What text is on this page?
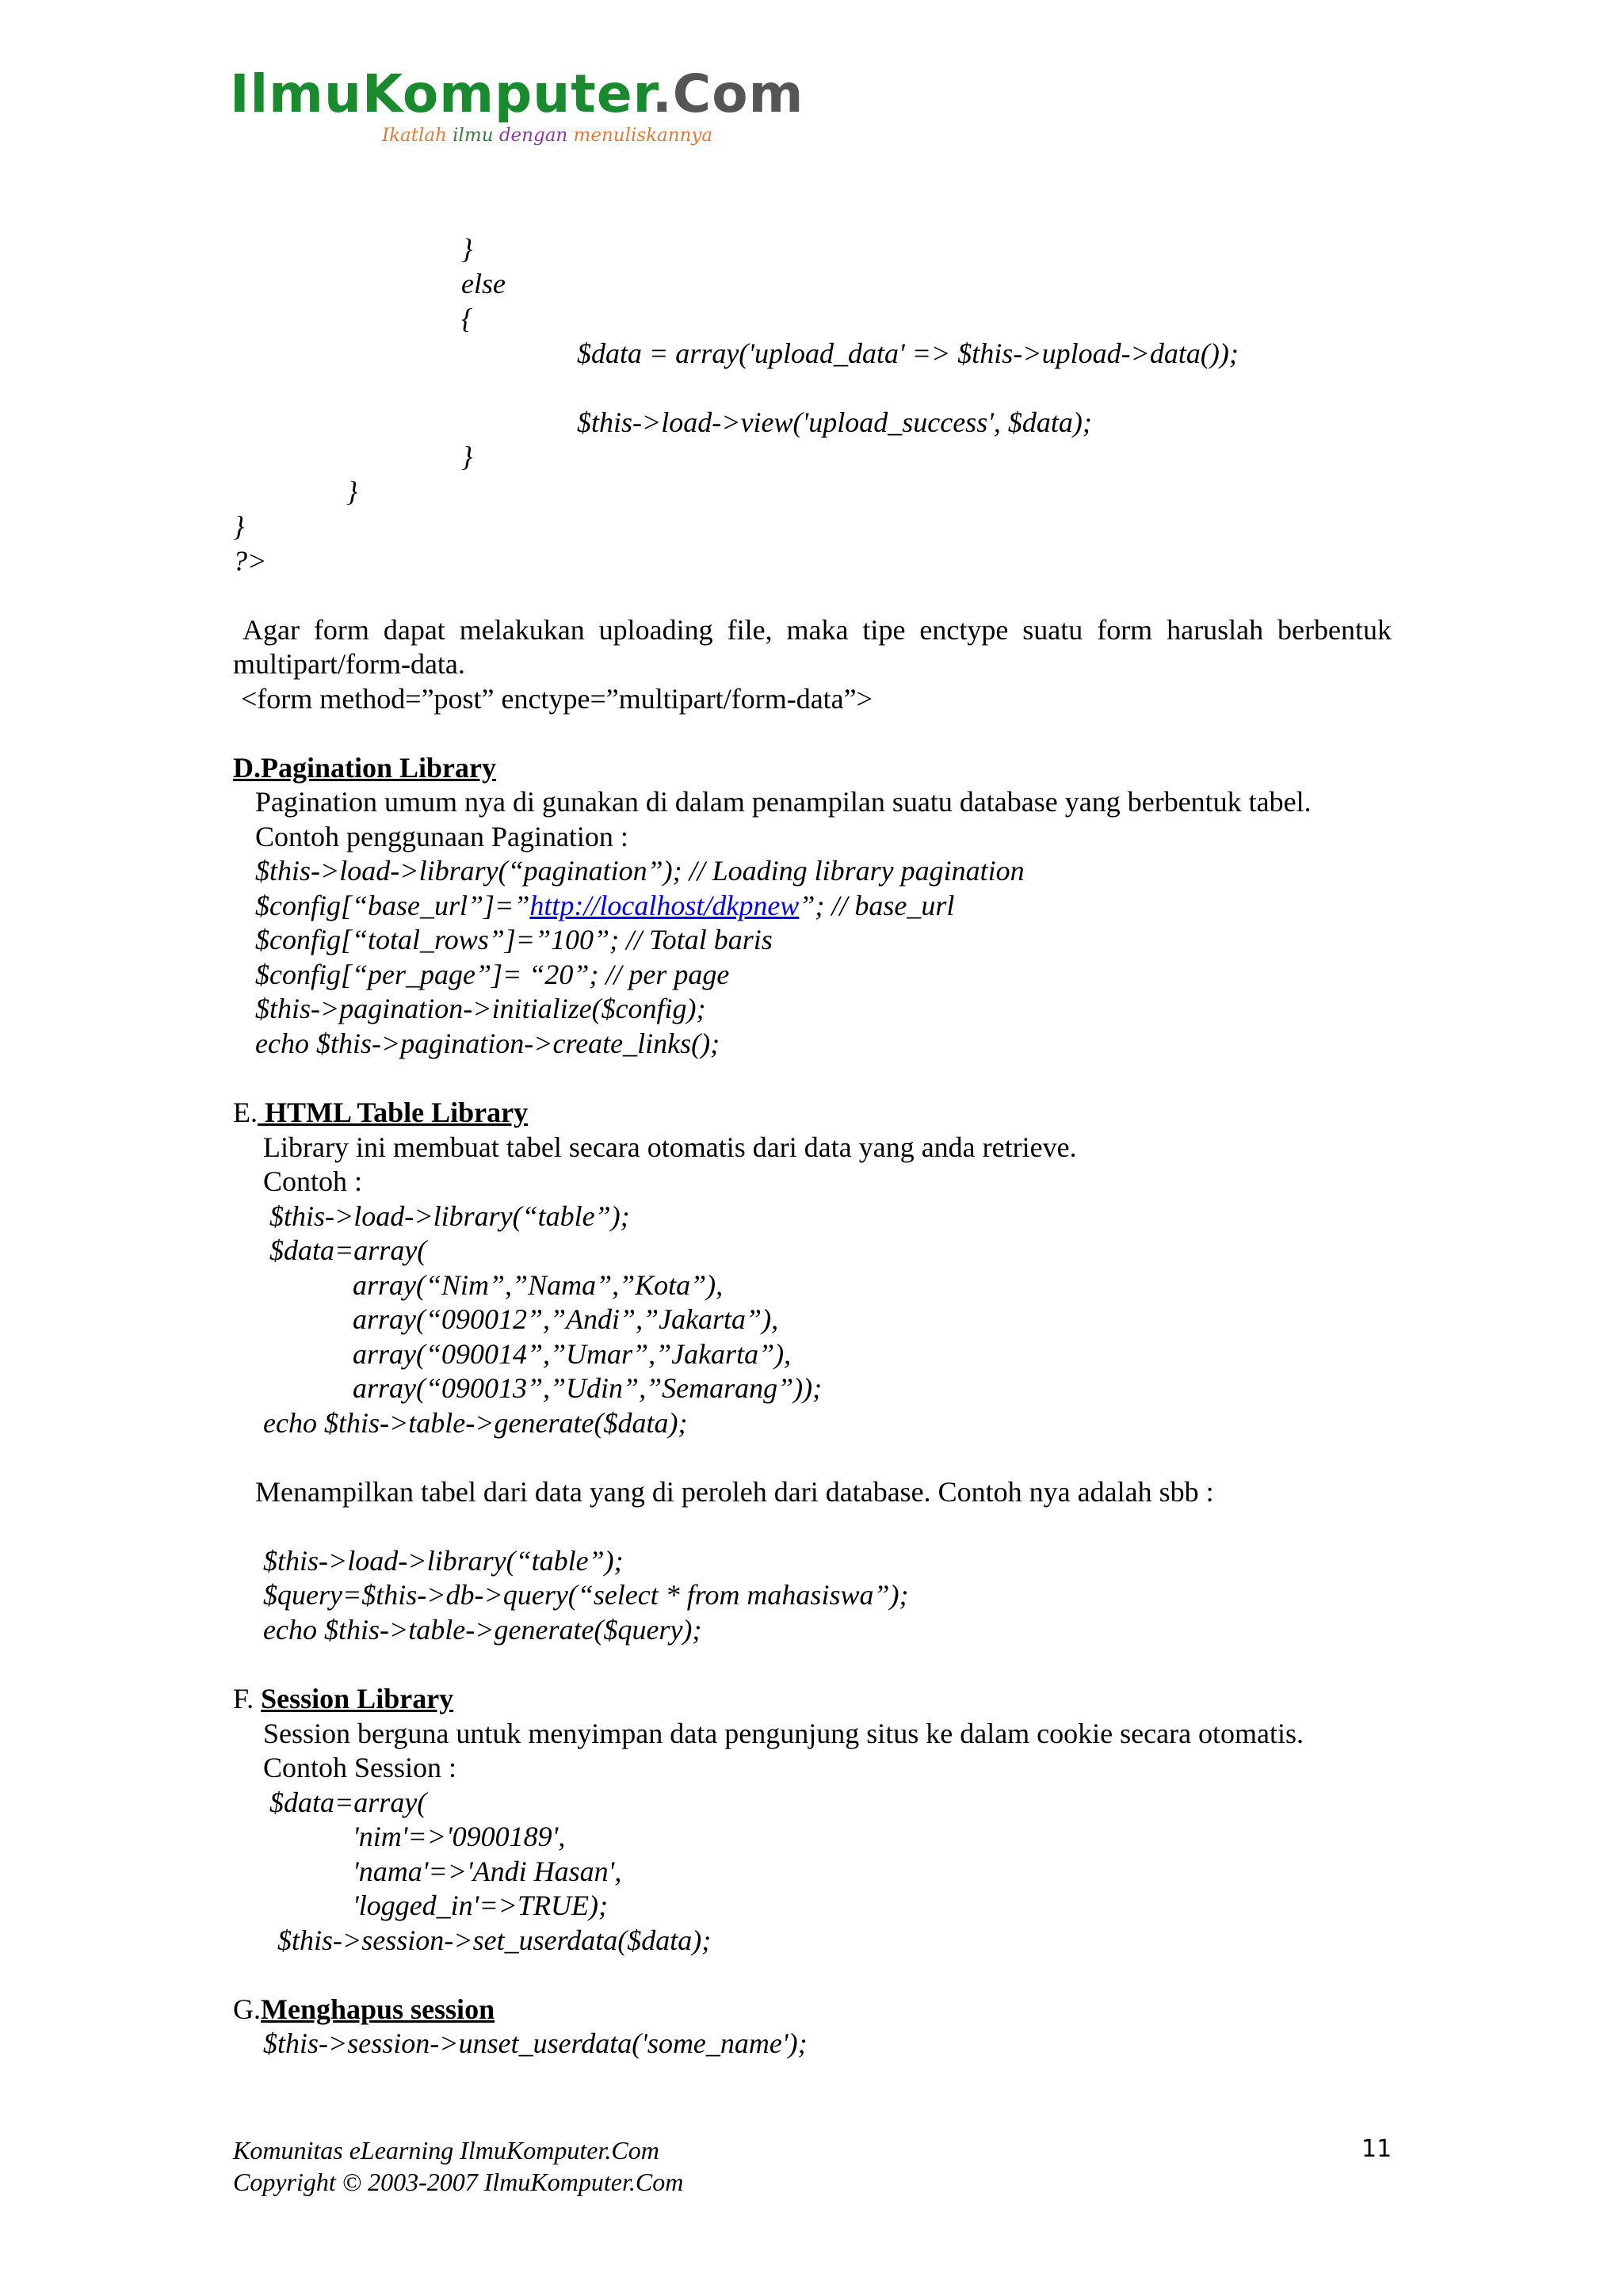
IlmuKomputer.Com
Ikatlah ilmu dengan menuliskannya
}
else
{
$data = array('upload_data' => $this->upload->data());
$this->load->view('upload_success', $data);
}
}
}
?>
Agar form dapat melakukan uploading file, maka tipe enctype suatu form haruslah berbentuk multipart/form-data.
<form method=”post” enctype=”multipart/form-data”>
D.Pagination Library
Pagination umum nya di gunakan di dalam penampilan suatu database yang berbentuk tabel.
Contoh penggunaan Pagination :
$this->load->library(“pagination”); // Loading library pagination
$config[“base_url”]=”http://localhost/dkpnew”; // base_url
$config[“total_rows”]=”100”; // Total baris
$config[“per_page”]= “20”; // per page
$this->pagination->initialize($config);
echo $this->pagination->create_links();
E. HTML Table Library
Library ini membuat tabel secara otomatis dari data yang anda retrieve.
Contoh :
$this->load->library(“table”);
$data=array(
array(“Nim”,”Nama”,”Kota”),
array(“090012”,”Andi”,”Jakarta”),
array(“090014”,”Umar”,”Jakarta”),
array(“090013”,”Udin”,”Semarang”));
echo $this->table->generate($data);
Menampilkan tabel dari data yang di peroleh dari database. Contoh nya adalah sbb :
$this->load->library(“table”);
$query=$this->db->query(“select * from mahasiswa”);
echo $this->table->generate($query);
F. Session Library
Session berguna untuk menyimpan data pengunjung situs ke dalam cookie secara otomatis.
Contoh Session :
$data=array(
'nim'=>'0900189',
'nama'=>'Andi Hasan',
'logged_in'=>TRUE);
$this->session->set_userdata($data);
G.Menghapus session
$this->session->unset_userdata('some_name');
Komunitas eLearning IlmuKomputer.Com
Copyright © 2003-2007 IlmuKomputer.Com
11
